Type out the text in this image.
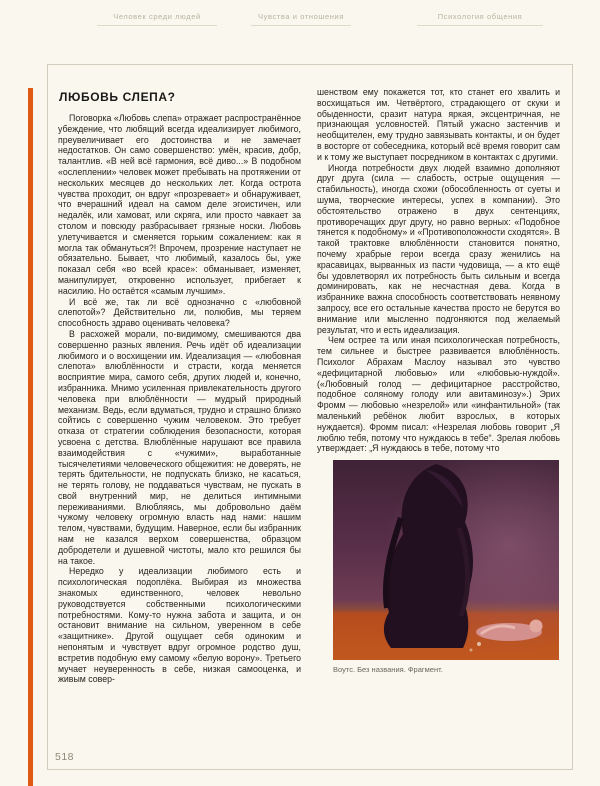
Человек среди людей	Чувства и отношения	Психология общения
ЛЮБОВЬ СЛЕПА?

Поговорка «Любовь слепа» отражает распространённое убеждение, что любящий всегда идеализирует любимого, преувеличивает его достоинства и не замечает недостатков. Он само совершенство: умён, красив, добр, талантлив. «В ней всё гармония, всё диво...» В подобном «ослеплении» человек может пребывать на протяжении от нескольких месяцев до нескольких лет. Когда острота чувства проходит, он вдруг «прозревает» и обнаруживает, что вчерашний идеал на самом деле эгоистичен, или недалёк, или хамоват, или скряга, или просто чавкает за столом и повсюду разбрасывает грязные носки. Любовь улетучивается и сменяется горьким сожалением: как я могла так обмануться?! Впрочем, прозрение наступает не обязательно. Бывает, что любимый, казалось бы, уже показал себя «во всей красе»: обманывает, изменяет, манипулирует, откровенно использует, прибегает к насилию. Но остаётся «самым лучшим».

И всё же, так ли всё однозначно с «любовной слепотой»? Действительно ли, полюбив, мы теряем способность здраво оценивать человека?

В расхожей морали, по-видимому, смешиваются два совершенно разных явления. Речь идёт об идеализации любимого и о восхищении им. Идеализация — «любовная слепота» влюблённости и страсти, когда меняется восприятие мира, самого себя, других людей и, конечно, избранника. Мнимо усиленная привлекательность другого человека при влюблённости — мудрый природный механизм. Ведь, если вдуматься, трудно и страшно близко сойтись с совершенно чужим человеком. Это требует отказа от стратегии соблюдения безопасности, которая усвоена с детства. Влюблённые нарушают все правила взаимодействия с «чужими», выработанные тысячелетиями человеческого общежития: не доверять, не терять бдительности, не подпускать близко, не касаться, не терять голову, не поддаваться чувствам, не пускать в свой внутренний мир, не делиться интимными переживаниями. Влюбляясь, мы добровольно даём чужому человеку огромную власть над нами: нашим телом, чувствами, будущим. Наверное, если бы избранник нам не казался верхом совершенства, образцом добродетели и душевной чистоты, мало кто решился бы на такое.

Нередко у идеализации любимого есть и психологическая подоплёка. Выбирая из множества знакомых единственного, человек невольно руководствуется собственными психологическими потребностями. Кому-то нужна забота и защита, и он остановит внимание на сильном, уверенном в себе «защитнике». Другой ощущает себя одиноким и непонятым и чувствует вдруг огромное родство душ, встретив подобную ему самому «белую ворону». Третьего мучает неуверенность в себе, низкая самооценка, и живым совер-

шенством ему покажется тот, кто станет его хвалить и восхищаться им. Четвёртого, страдающего от скуки и обыденности, сразит натура яркая, эксцентричная, не признающая условностей. Пятый ужасно застенчив и необщителен, ему трудно завязывать контакты, и он будет в восторге от собеседника, который всё время говорит сам и к тому же выступает посредником в контактах с другими.

Иногда потребности двух людей взаимно дополняют друг друга (сила — слабость, острые ощущения — стабильность), иногда схожи (обособленность от суеты и шума, творческие интересы, успех в компании). Это обстоятельство отражено в двух сентенциях, противоречащих друг другу, но равно верных: «Подобное тянется к подобному» и «Противоположности сходятся». В такой трактовке влюблённости становится понятно, почему храбрые герои всегда сразу женились на красавицах, вырванных из пасти чудовища, — а кто ещё бы удовлетворял их потребность быть сильным и всегда доминировать, как не несчастная дева. Когда в избраннике важна способность соответствовать неявному запросу, все его остальные качества просто не берутся во внимание или мысленно подгоняются под желаемый результат, что и есть идеализация.

Чем острее та или иная психологическая потребность, тем сильнее и быстрее развивается влюблённость. Психолог Абрахам Маслоу называл это чувство «дефицитарной любовью» или «любовью-нуждой». («Любовный голод — дефицитарное расстройство, подобное соляному голоду или авитаминозу».) Эрих Фромм — любовью «незрелой» или «инфантильной» (так маленький ребёнок любит взрослых, в которых нуждается). Фромм писал: «Незрелая любовь говорит „Я люблю тебя, потому что нуждаюсь в тебе“. Зрелая любовь утверждает: „Я нуждаюсь в тебе, потому что

Воутс. Без названия. Фрагмент.
518
